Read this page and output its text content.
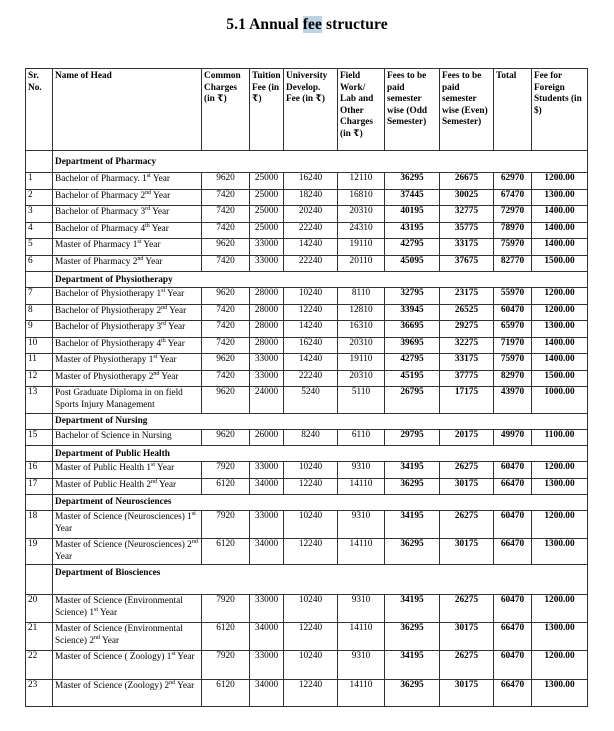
5.1 Annual fee structure
Sr. No.	Name of Head	Common Charges (in ₹)	Tuition Fee (in ₹)	University Develop. Fee (in ₹)	Field Work/ Lab and Other Charges (in ₹)	Fees to be paid semester wise (Odd Semester)	Fees to be paid semester wise (Even) Semester)	Total	Fee for Foreign Students (in $)
	Department of Pharmacy								
1	Bachelor of Pharmacy. 1st Year	9620	25000	16240	12110	36295	26675	62970	1200.00
2	Bachelor of Pharmacy 2nd Year	7420	25000	18240	16810	37445	30025	67470	1300.00
3	Bachelor of Pharmacy 3rd Year	7420	25000	20240	20310	40195	32775	72970	1400.00
4	Bachelor of Pharmacy 4th Year	7420	25000	22240	24310	43195	35775	78970	1400.00
5	Master of Pharmacy 1st Year	9620	33000	14240	19110	42795	33175	75970	1400.00
6	Master of Pharmacy 2nd Year	7420	33000	22240	20110	45095	37675	82770	1500.00
	Department of Physiotherapy								
7	Bachelor of Physiotherapy 1st Year	9620	28000	10240	8110	32795	23175	55970	1200.00
8	Bachelor of Physiotherapy 2nd Year	7420	28000	12240	12810	33945	26525	60470	1200.00
9	Bachelor of Physiotherapy 3rd Year	7420	28000	14240	16310	36695	29275	65970	1300.00
10	Bachelor of Physiotherapy 4th Year	7420	28000	16240	20310	39695	32275	71970	1400.00
11	Master of Physiotherapy 1st Year	9620	33000	14240	19110	42795	33175	75970	1400.00
12	Master of Physiotherapy 2nd Year	7420	33000	22240	20310	45195	37775	82970	1500.00
13	Post Graduate Diploma in on field Sports Injury Management	9620	24000	5240	5110	26795	17175	43970	1000.00
	Department of Nursing								
15	Bachelor of Science in Nursing	9620	26000	8240	6110	29795	20175	49970	1100.00
	Department of Public Health								
16	Master of Public Health 1st Year	7920	33000	10240	9310	34195	26275	60470	1200.00
17	Master of Public Health 2nd Year	6120	34000	12240	14110	36295	30175	66470	1300.00
	Department of Neurosciences								
18	Master of Science (Neurosciences) 1st Year	7920	33000	10240	9310	34195	26275	60470	1200.00
19	Master of Science (Neurosciences) 2nd Year	6120	34000	12240	14110	36295	30175	66470	1300.00
	Department of Biosciences								
20	Master of Science (Environmental Science) 1st Year	7920	33000	10240	9310	34195	26275	60470	1200.00
21	Master of Science (Environmental Science) 2nd Year	6120	34000	12240	14110	36295	30175	66470	1300.00
22	Master of Science ( Zoology) 1st Year	7920	33000	10240	9310	34195	26275	60470	1200.00
23	Master of Science (Zoology) 2nd Year	6120	34000	12240	14110	36295	30175	66470	1300.00
